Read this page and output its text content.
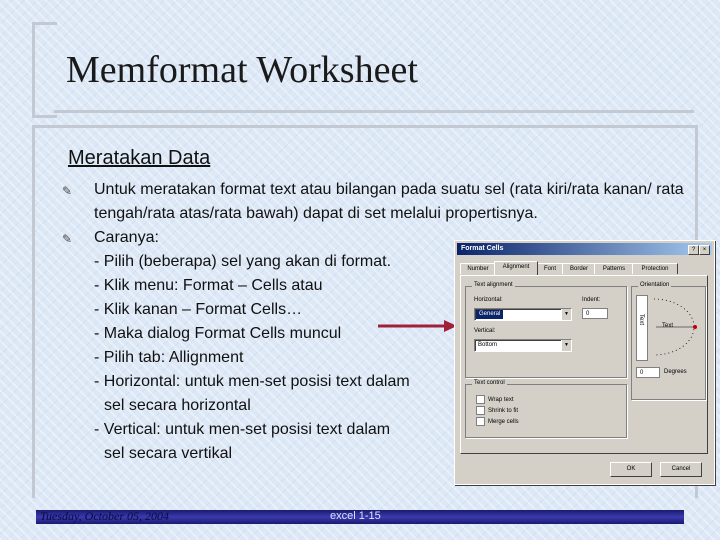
Memformat Worksheet
Meratakan Data
✎ Untuk meratakan format text atau bilangan pada suatu sel (rata kiri/rata kanan/ rata tengah/rata atas/rata bawah) dapat di set melalui propertisnya.
✎ Caranya:
- Pilih (beberapa) sel yang akan di format.
- Klik menu: Format – Cells atau
- Klik kanan – Format Cells…
- Maka dialog Format Cells muncul
- Pilih tab: Allignment
- Horizontal: untuk men-set posisi text dalam
sel secara horizontal
- Vertical: untuk men-set posisi text dalam
sel secara vertikal
Format Cells	?	×
Number	Alignment	Font	Border	Patterns	Protection
Text alignment
Horizontal:
General	▼
Indent:
0
Vertical:
Bottom	▼
Orientation
Text
Text
0	Degrees
Text control
Wrap text
Shrink to fit
Merge cells
OK	Cancel
Tuesday, October 05, 2004	excel 1-15
